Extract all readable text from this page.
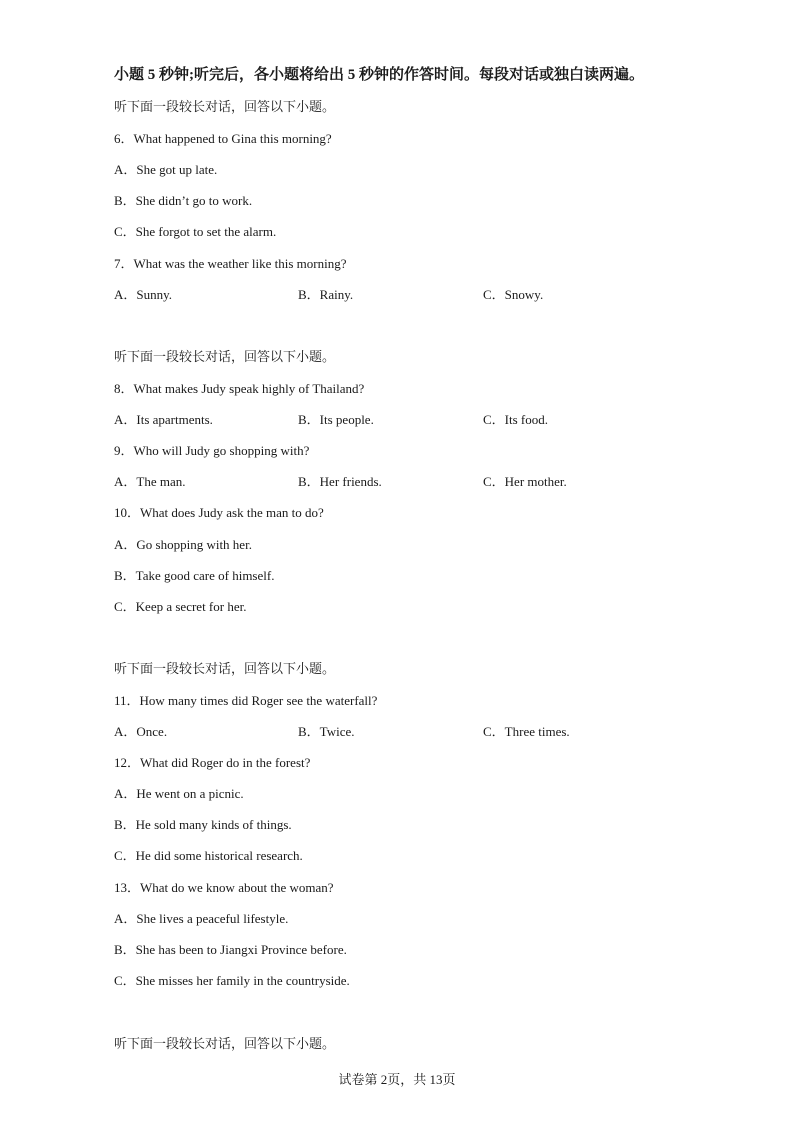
小题 5 秒钟;听完后，各小题将给出 5 秒钟的作答时间。每段对话或独白读两遍。
听下面一段较长对话，回答以下小题。
6．What happened to Gina this morning?
A．She got up late.
B．She didn’t go to work.
C．She forgot to set the alarm.
7．What was the weather like this morning?
A．Sunny.	B．Rainy.	C．Snowy.
听下面一段较长对话，回答以下小题。
8．What makes Judy speak highly of Thailand?
A．Its apartments.	B．Its people.	C．Its food.
9．Who will Judy go shopping with?
A．The man.	B．Her friends.	C．Her mother.
10．What does Judy ask the man to do?
A．Go shopping with her.
B．Take good care of himself.
C．Keep a secret for her.
听下面一段较长对话，回答以下小题。
11．How many times did Roger see the waterfall?
A．Once.	B．Twice.	C．Three times.
12．What did Roger do in the forest?
A．He went on a picnic.
B．He sold many kinds of things.
C．He did some historical research.
13．What do we know about the woman?
A．She lives a peaceful lifestyle.
B．She has been to Jiangxi Province before.
C．She misses her family in the countryside.
听下面一段较长对话，回答以下小题。
试卷第 2页，共 13页
